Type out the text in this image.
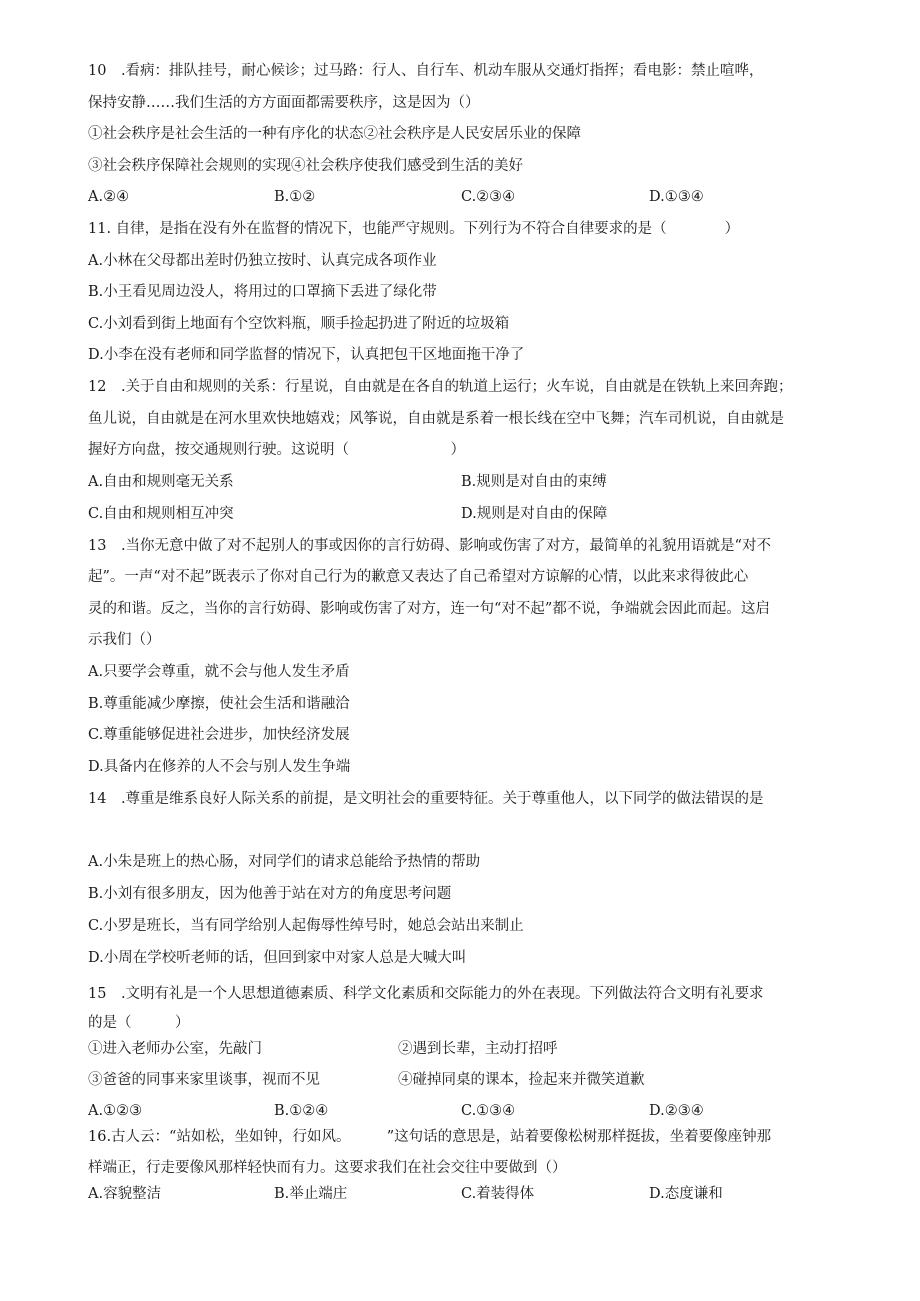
10　.看病：排队挂号，耐心候诊；过马路：行人、自行车、机动车服从交通灯指挥；看电影：禁止喧哗，
保持安静……我们生活的方方面面都需要秩序，这是因为（）
①社会秩序是社会生活的一种有序化的状态②社会秩序是人民安居乐业的保障
③社会秩序保障社会规则的实现④社会秩序使我们感受到生活的美好
A.②④	B.①②	C.②③④	D.①③④
11. 自律，是指在没有外在监督的情况下，也能严守规则。下列行为不符合自律要求的是（　　　　）
A.小林在父母都出差时仍独立按时、认真完成各项作业
B.小王看见周边没人，将用过的口罩摘下丢进了绿化带
C.小刘看到街上地面有个空饮料瓶，顺手捡起扔进了附近的垃圾箱
D.小李在没有老师和同学监督的情况下，认真把包干区地面拖干净了
12　.关于自由和规则的关系：行星说，自由就是在各自的轨道上运行；火车说，自由就是在铁轨上来回奔跑；
鱼儿说，自由就是在河水里欢快地嬉戏；风筝说，自由就是系着一根长线在空中飞舞；汽车司机说，自由就是
握好方向盘，按交通规则行驶。这说明（　　　　　　　）
A.自由和规则毫无关系	B.规则是对自由的束缚
C.自由和规则相互冲突	D.规则是对自由的保障
13　.当你无意中做了对不起别人的事或因你的言行妨碍、影响或伤害了对方，最简单的礼貌用语就是“对不
起”。一声“对不起”既表示了你对自己行为的歉意又表达了自己希望对方谅解的心情，以此来求得彼此心
灵的和谐。反之，当你的言行妨碍、影响或伤害了对方，连一句“对不起”都不说，争端就会因此而起。这启
示我们（）
A.只要学会尊重，就不会与他人发生矛盾
B.尊重能减少摩擦，使社会生活和谐融洽
C.尊重能够促进社会进步，加快经济发展
D.具备内在修养的人不会与别人发生争端
14　.尊重是维系良好人际关系的前提，是文明社会的重要特征。关于尊重他人，以下同学的做法错误的是
A.小朱是班上的热心肠，对同学们的请求总能给予热情的帮助
B.小刘有很多朋友，因为他善于站在对方的角度思考问题
C.小罗是班长，当有同学给别人起侮辱性绰号时，她总会站出来制止
D.小周在学校听老师的话，但回到家中对家人总是大喊大叫
15　.文明有礼是一个人思想道德素质、科学文化素质和交际能力的外在表现。下列做法符合文明有礼要求
的是（　　　）
①进入老师办公室，先敲门	②遇到长辈，主动打招呼
③爸爸的同事来家里谈事，视而不见	④碰掉同桌的课本，捡起来并微笑道歉
A.①②③	B.①②④	C.①③④	D.②③④
16.古人云：“站如松，坐如钟，行如风。　　　”这句话的意思是，站着要像松树那样挺拔，坐着要像座钟那
样端正，行走要像风那样轻快而有力。这要求我们在社会交往中要做到（）
A.容貌整洁	B.举止端庄	C.着装得体	D.态度谦和
